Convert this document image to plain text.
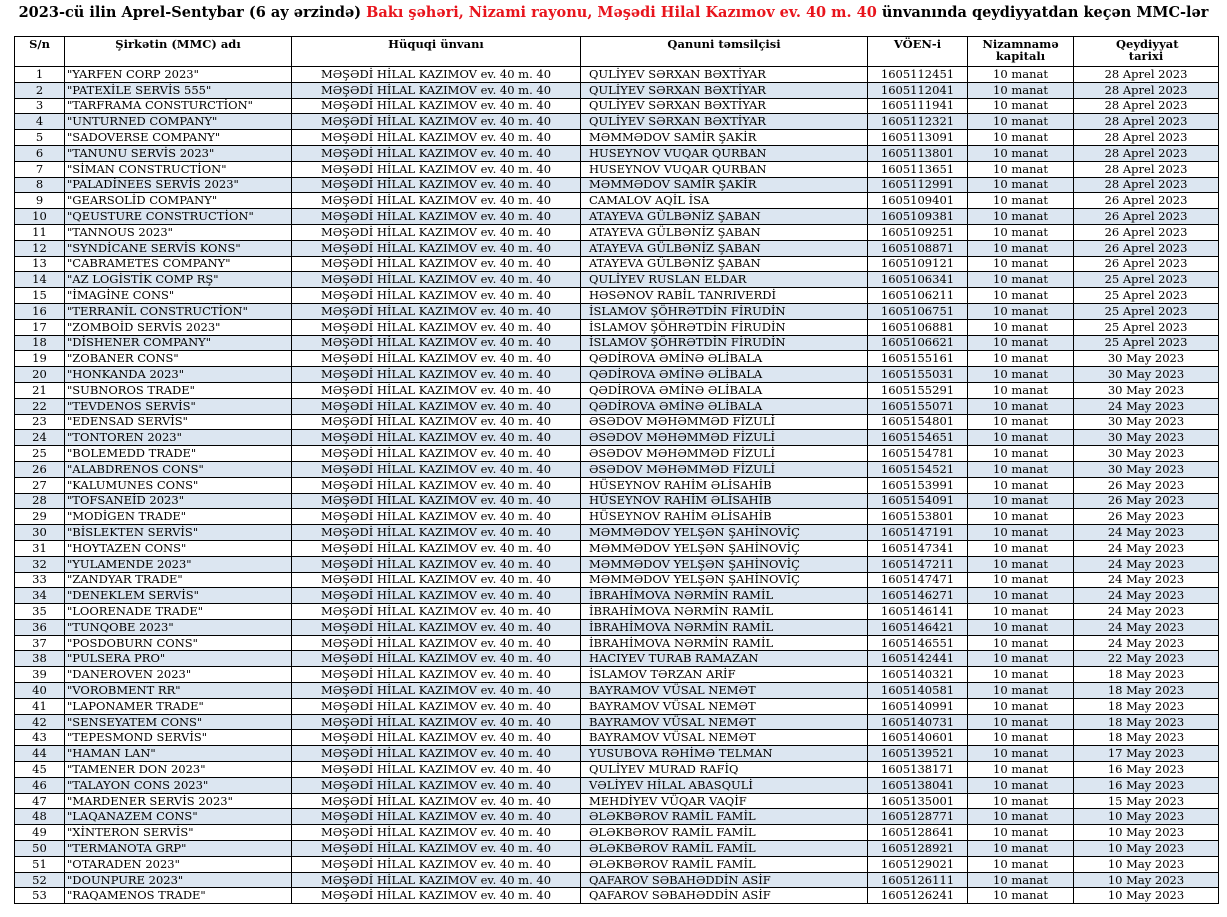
2023-cü ilin Aprel-Sentybar (6 ay ərzində) Bakı şəhəri, Nizami rayonu, Məşədi Hilal Kazımov ev. 40 m. 40 ünvanında qeydiyyatdan keçən MMC-lər
S/n	Şirkətin (MMC) adı	Hüquqi ünvanı	Qanuni təmsilçisi	VÖEN-i	Nizamnamə kapitalı	Qeydiyyat tarixi
1	"YARFEN CORP 2023"	MƏŞƏDİ HİLAL KAZIMOV ev. 40 m. 40	QULİYEV SƏRXAN BƏXTİYAR	1605112451	10 manat	28 Aprel 2023
2	"PATEXİLE SERVİS 555"	MƏŞƏDİ HİLAL KAZIMOV ev. 40 m. 40	QULİYEV SƏRXAN BƏXTİYAR	1605112041	10 manat	28 Aprel 2023
3	"TARFRAMA CONSTURCTİON"	MƏŞƏDİ HİLAL KAZIMOV ev. 40 m. 40	QULİYEV SƏRXAN BƏXTİYAR	1605111941	10 manat	28 Aprel 2023
4	"UNTURNED COMPANY"	MƏŞƏDİ HİLAL KAZIMOV ev. 40 m. 40	QULİYEV SƏRXAN BƏXTİYAR	1605112321	10 manat	28 Aprel 2023
5	"SADOVERSE COMPANY"	MƏŞƏDİ HİLAL KAZIMOV ev. 40 m. 40	MƏMMƏDOV SAMİR ŞAKİR	1605113091	10 manat	28 Aprel 2023
6	"TANUNU SERVİS 2023"	MƏŞƏDİ HİLAL KAZIMOV ev. 40 m. 40	HUSEYNOV VUQAR QURBAN	1605113801	10 manat	28 Aprel 2023
7	"SİMAN CONSTRUCTİON"	MƏŞƏDİ HİLAL KAZIMOV ev. 40 m. 40	HUSEYNOV VUQAR QURBAN	1605113651	10 manat	28 Aprel 2023
8	"PALADİNEES SERVİS 2023"	MƏŞƏDİ HİLAL KAZIMOV ev. 40 m. 40	MƏMMƏDOV SAMİR ŞAKİR	1605112991	10 manat	28 Aprel 2023
9	"GEARSOLİD COMPANY"	MƏŞƏDİ HİLAL KAZIMOV ev. 40 m. 40	CAMALOV AQİL İSA	1605109401	10 manat	26 Aprel 2023
10	"QEUSTURE CONSTRUCTİON"	MƏŞƏDİ HİLAL KAZIMOV ev. 40 m. 40	ATAYEVA GÜLBƏNİZ ŞABAN	1605109381	10 manat	26 Aprel 2023
11	"TANNOUS 2023"	MƏŞƏDİ HİLAL KAZIMOV ev. 40 m. 40	ATAYEVA GÜLBƏNİZ ŞABAN	1605109251	10 manat	26 Aprel 2023
12	"SYNDİCANE SERVİS KONS"	MƏŞƏDİ HİLAL KAZIMOV ev. 40 m. 40	ATAYEVA GÜLBƏNİZ ŞABAN	1605108871	10 manat	26 Aprel 2023
13	"CABRAMETES COMPANY"	MƏŞƏDİ HİLAL KAZIMOV ev. 40 m. 40	ATAYEVA GÜLBƏNİZ ŞABAN	1605109121	10 manat	26 Aprel 2023
14	"AZ LOGİSTİK COMP RŞ"	MƏŞƏDİ HİLAL KAZIMOV ev. 40 m. 40	QULİYEV RUSLAN ELDAR	1605106341	10 manat	25 Aprel 2023
15	"İMAGİNE CONS"	MƏŞƏDİ HİLAL KAZIMOV ev. 40 m. 40	HƏSƏNOV RABİL TANRIVERDİ	1605106211	10 manat	25 Aprel 2023
16	"TERRANİL CONSTRUCTİON"	MƏŞƏDİ HİLAL KAZIMOV ev. 40 m. 40	İSLAMOV ŞÖHRƏTDİN FİRUDİN	1605106751	10 manat	25 Aprel 2023
17	"ZOMBOİD SERVİS 2023"	MƏŞƏDİ HİLAL KAZIMOV ev. 40 m. 40	İSLAMOV ŞÖHRƏTDİN FİRUDİN	1605106881	10 manat	25 Aprel 2023
18	"DİSHENER COMPANY"	MƏŞƏDİ HİLAL KAZIMOV ev. 40 m. 40	İSLAMOV ŞÖHRƏTDİN FİRUDİN	1605106621	10 manat	25 Aprel 2023
19	"ZOBANER CONS"	MƏŞƏDİ HİLAL KAZIMOV ev. 40 m. 40	QƏDİROVA ƏMİNƏ ƏLİBALA	1605155161	10 manat	30 May 2023
20	"HONKANDA 2023"	MƏŞƏDİ HİLAL KAZIMOV ev. 40 m. 40	QƏDİROVA ƏMİNƏ ƏLİBALA	1605155031	10 manat	30 May 2023
21	"SUBNOROS TRADE"	MƏŞƏDİ HİLAL KAZIMOV ev. 40 m. 40	QƏDİROVA ƏMİNƏ ƏLİBALA	1605155291	10 manat	30 May 2023
22	"TEVDENOS SERVİS"	MƏŞƏDİ HİLAL KAZIMOV ev. 40 m. 40	QƏDİROVA ƏMİNƏ ƏLİBALA	1605155071	10 manat	24 May 2023
23	"EDENSAD SERVİS"	MƏŞƏDİ HİLAL KAZIMOV ev. 40 m. 40	ƏSƏDOV MƏHƏMMƏD FİZULİ	1605154801	10 manat	30 May 2023
24	"TONTOREN 2023"	MƏŞƏDİ HİLAL KAZIMOV ev. 40 m. 40	ƏSƏDOV MƏHƏMMƏD FİZULİ	1605154651	10 manat	30 May 2023
25	"BOLEMEDD TRADE"	MƏŞƏDİ HİLAL KAZIMOV ev. 40 m. 40	ƏSƏDOV MƏHƏMMƏD FİZULİ	1605154781	10 manat	30 May 2023
26	"ALABDRENOS CONS"	MƏŞƏDİ HİLAL KAZIMOV ev. 40 m. 40	ƏSƏDOV MƏHƏMMƏD FİZULİ	1605154521	10 manat	30 May 2023
27	"KALUMUNES CONS"	MƏŞƏDİ HİLAL KAZIMOV ev. 40 m. 40	HÜSEYNOV RAHİM ƏLİSAHİB	1605153991	10 manat	26 May 2023
28	"TOFSANEİD 2023"	MƏŞƏDİ HİLAL KAZIMOV ev. 40 m. 40	HÜSEYNOV RAHİM ƏLİSAHİB	1605154091	10 manat	26 May 2023
29	"MODİGEN TRADE"	MƏŞƏDİ HİLAL KAZIMOV ev. 40 m. 40	HÜSEYNOV RAHİM ƏLİSAHİB	1605153801	10 manat	26 May 2023
30	"BİSLEKTEN SERVİS"	MƏŞƏDİ HİLAL KAZIMOV ev. 40 m. 40	MƏMMƏDOV YELŞƏN ŞAHİNOVİÇ	1605147191	10 manat	24 May 2023
31	"HOYTAZEN CONS"	MƏŞƏDİ HİLAL KAZIMOV ev. 40 m. 40	MƏMMƏDOV YELŞƏN ŞAHİNOVİÇ	1605147341	10 manat	24 May 2023
32	"YULAMENDE 2023"	MƏŞƏDİ HİLAL KAZIMOV ev. 40 m. 40	MƏMMƏDOV YELŞƏN ŞAHİNOVİÇ	1605147211	10 manat	24 May 2023
33	"ZANDYAR TRADE"	MƏŞƏDİ HİLAL KAZIMOV ev. 40 m. 40	MƏMMƏDOV YELŞƏN ŞAHİNOVİÇ	1605147471	10 manat	24 May 2023
34	"DENEKLEM SERVİS"	MƏŞƏDİ HİLAL KAZIMOV ev. 40 m. 40	İBRAHİMOVA NƏRMİN RAMİL	1605146271	10 manat	24 May 2023
35	"LOORENADE TRADE"	MƏŞƏDİ HİLAL KAZIMOV ev. 40 m. 40	İBRAHİMOVA NƏRMİN RAMİL	1605146141	10 manat	24 May 2023
36	"TUNQOBE 2023"	MƏŞƏDİ HİLAL KAZIMOV ev. 40 m. 40	İBRAHİMOVA NƏRMİN RAMİL	1605146421	10 manat	24 May 2023
37	"POSDOBURN CONS"	MƏŞƏDİ HİLAL KAZIMOV ev. 40 m. 40	İBRAHİMOVA NƏRMİN RAMİL	1605146551	10 manat	24 May 2023
38	"PULSERA PRO"	MƏŞƏDİ HİLAL KAZIMOV ev. 40 m. 40	HACIYEV TURAB RAMAZAN	1605142441	10 manat	22 May 2023
39	"DANEROVEN 2023"	MƏŞƏDİ HİLAL KAZIMOV ev. 40 m. 40	İSLAMOV TƏRZAN ARİF	1605140321	10 manat	18 May 2023
40	"VOROBMENT RR"	MƏŞƏDİ HİLAL KAZIMOV ev. 40 m. 40	BAYRAMOV VÜSAL NEMƏT	1605140581	10 manat	18 May 2023
41	"LAPONAMER TRADE"	MƏŞƏDİ HİLAL KAZIMOV ev. 40 m. 40	BAYRAMOV VÜSAL NEMƏT	1605140991	10 manat	18 May 2023
42	"SENSEYATEM CONS"	MƏŞƏDİ HİLAL KAZIMOV ev. 40 m. 40	BAYRAMOV VÜSAL NEMƏT	1605140731	10 manat	18 May 2023
43	"TEPESMOND SERVİS"	MƏŞƏDİ HİLAL KAZIMOV ev. 40 m. 40	BAYRAMOV VÜSAL NEMƏT	1605140601	10 manat	18 May 2023
44	"HAMAN LAN"	MƏŞƏDİ HİLAL KAZIMOV ev. 40 m. 40	YUSUBOVA RƏHİMƏ TELMAN	1605139521	10 manat	17 May 2023
45	"TAMENER DON 2023"	MƏŞƏDİ HİLAL KAZIMOV ev. 40 m. 40	QULİYEV MURAD RAFİQ	1605138171	10 manat	16 May 2023
46	"TALAYON CONS 2023"	MƏŞƏDİ HİLAL KAZIMOV ev. 40 m. 40	VƏLİYEV HİLAL ABASQULİ	1605138041	10 manat	16 May 2023
47	"MARDENER SERVİS 2023"	MƏŞƏDİ HİLAL KAZIMOV ev. 40 m. 40	MEHDİYEV VÜQAR VAQİF	1605135001	10 manat	15 May 2023
48	"LAQANAZEM CONS"	MƏŞƏDİ HİLAL KAZIMOV ev. 40 m. 40	ƏLƏKBƏROV RAMİL FAMİL	1605128771	10 manat	10 May 2023
49	"XİNTERON SERVİS"	MƏŞƏDİ HİLAL KAZIMOV ev. 40 m. 40	ƏLƏKBƏROV RAMİL FAMİL	1605128641	10 manat	10 May 2023
50	"TERMANOTA GRP"	MƏŞƏDİ HİLAL KAZIMOV ev. 40 m. 40	ƏLƏKBƏROV RAMİL FAMİL	1605128921	10 manat	10 May 2023
51	"OTARADEN 2023"	MƏŞƏDİ HİLAL KAZIMOV ev. 40 m. 40	ƏLƏKBƏROV RAMİL FAMİL	1605129021	10 manat	10 May 2023
52	"DOUNPURE 2023"	MƏŞƏDİ HİLAL KAZIMOV ev. 40 m. 40	QAFAROV SƏBAHƏDDİN ASİF	1605126111	10 manat	10 May 2023
53	"RAQAMENOS TRADE"	MƏŞƏDİ HİLAL KAZIMOV ev. 40 m. 40	QAFAROV SƏBAHƏDDİN ASİF	1605126241	10 manat	10 May 2023
